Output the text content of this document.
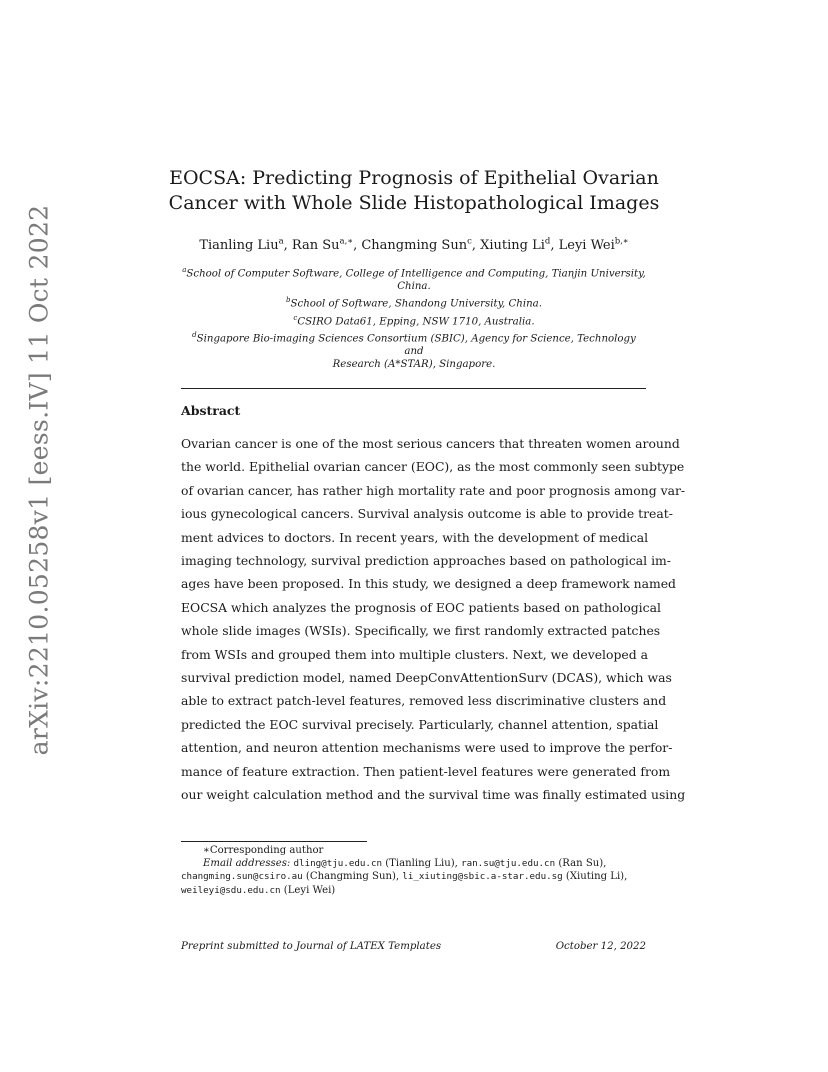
arXiv:2210.05258v1 [eess.IV] 11 Oct 2022
EOCSA: Predicting Prognosis of Epithelial Ovarian
Cancer with Whole Slide Histopathological Images
Tianling Liu$^a$, Ran $Su^{a,∗}$, Changming Sun$^c$, Xiuting Li$^d$, Leyi Wei$^{b,∗}$
$^a$School of Computer Software, College of Intelligence and Computing, Tianjin University,
China.
$^b$School of Software, Shandong University, China.
$^c$CSIRO Data61, Epping, NSW 1710, Australia.
$^d$Singapore Bio-imaging Sciences Consortium (SBIC), Agency for Science, Technology and
Research (A*STAR), Singapore.
Abstract
Ovarian cancer is one of the most serious cancers that threaten women around
the world. Epithelial ovarian cancer (EOC), as the most commonly seen subtype
of ovarian cancer, has rather high mortality rate and poor prognosis among var-
ious gynecological cancers. Survival analysis outcome is able to provide treat-
ment advices to doctors. In recent years, with the development of medical
imaging technology, survival prediction approaches based on pathological im-
ages have been proposed. In this study, we designed a deep framework named
EOCSA which analyzes the prognosis of EOC patients based on pathological
whole slide images (WSIs). Specifically, we first randomly extracted patches
from WSIs and grouped them into multiple clusters. Next, we developed a
survival prediction model, named DeepConvAttentionSurv (DCAS), which was
able to extract patch-level features, removed less discriminative clusters and
predicted the EOC survival precisely. Particularly, channel attention, spatial
attention, and neuron attention mechanisms were used to improve the perfor-
mance of feature extraction. Then patient-level features were generated from
our weight calculation method and the survival time was finally estimated using
∗Corresponding author
Email addresses: dling@tju.edu.cn (Tianling Liu), ran.su@tju.edu.cn (Ran Su),
changming.sun@csiro.au (Changming Sun), li_xiuting@sbic.a-star.edu.sg (Xiuting Li),
weileyi@sdu.edu.cn (Leyi Wei)
Preprint submitted to Journal of LATEX Templates	October 12, 2022
